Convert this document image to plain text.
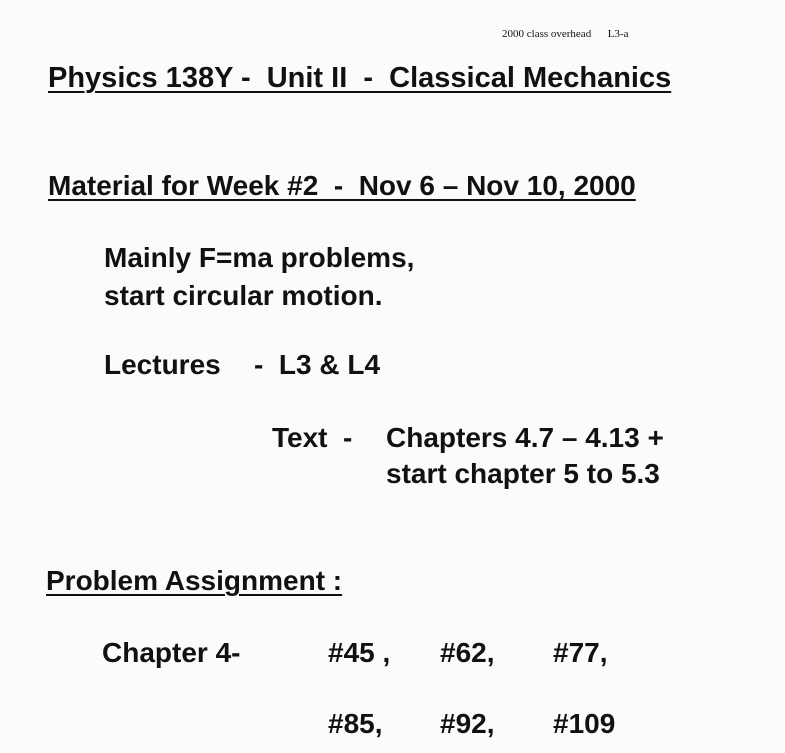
2000 class overhead L3-a
Physics 138Y -  Unit II  -  Classical Mechanics
Material for Week #2  -  Nov 6 – Nov 10, 2000
Mainly F=ma problems,
start circular motion.
Lectures -  L3 & L4
Text  - Chapters 4.7 – 4.13 +
start chapter 5 to 5.3
Problem Assignment :
Chapter 4-	#45 , #62, #77,
#85, #92, #109
